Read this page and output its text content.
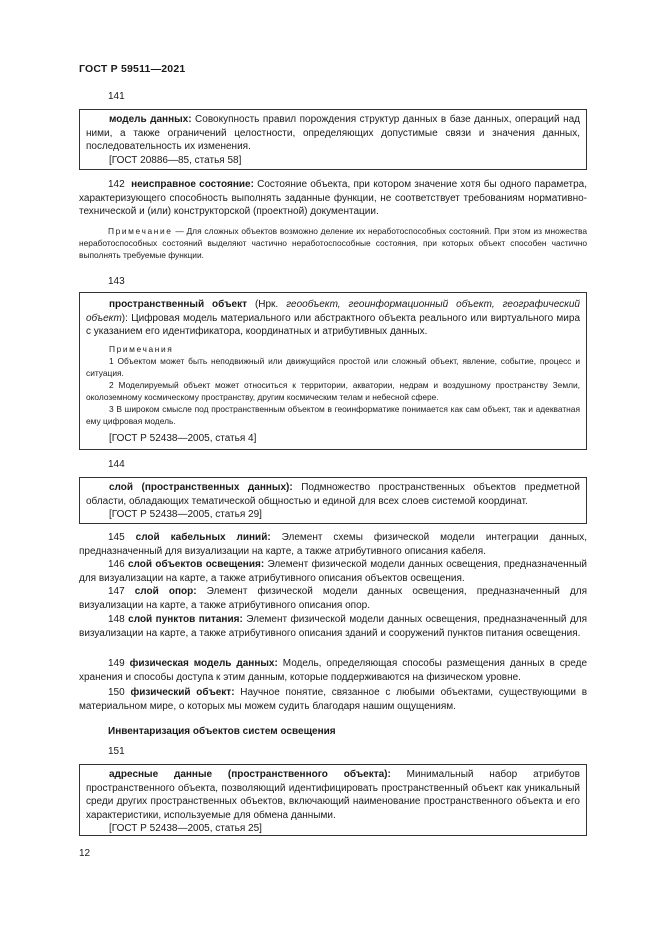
ГОСТ Р 59511—2021
141

модель данных: Совокупность правил порождения структур данных в базе данных, операций над ними, а также ограничений целостности, определяющих допустимые связи и значения данных, последовательность их изменения.

[ГОСТ 20886—85, статья 58]

142 неисправное состояние: Состояние объекта, при котором значение хотя бы одного параметра, характеризующего способность выполнять заданные функции, не соответствует требованиям нормативно-технической и (или) конструкторской (проектной) документации.

Примечание — Для сложных объектов возможно деление их неработоспособных состояний. При этом из множества неработоспособных состояний выделяют частично неработоспособные состояния, при которых объект способен частично выполнять требуемые функции.

143

пространственный объект (Нрк. геообъект, геоинформационный объект, географический объект): Цифровая модель материального или абстрактного объекта реального или виртуального мира с указанием его идентификатора, координатных и атрибутивных данных.

Примечания

1 Объектом может быть неподвижный или движущийся простой или сложный объект, явление, событие, процесс и ситуация.

2 Моделируемый объект может относиться к территории, акватории, недрам и воздушному пространству Земли, околоземному космическому пространству, другим космическим телам и небесной сфере.

3 В широком смысле под пространственным объектом в геоинформатике понимается как сам объект, так и адекватная ему цифровая модель.

[ГОСТ Р 52438—2005, статья 4]

144

слой (пространственных данных): Подмножество пространственных объектов предметной области, обладающих тематической общностью и единой для всех слоев системой координат.

[ГОСТ Р 52438—2005, статья 29]

145 слой кабельных линий: Элемент схемы физической модели интеграции данных, предназначенный для визуализации на карте, а также атрибутивного описания кабеля.

146 слой объектов освещения: Элемент физической модели данных освещения, предназначенный для визуализации на карте, а также атрибутивного описания объектов освещения.

147 слой опор: Элемент физической модели данных освещения, предназначенный для визуализации на карте, а также атрибутивного описания опор.

148 слой пунктов питания: Элемент физической модели данных освещения, предназначенный для визуализации на карте, а также атрибутивного описания зданий и сооружений пунктов питания освещения.

149 физическая модель данных: Модель, определяющая способы размещения данных в среде хранения и способы доступа к этим данным, которые поддерживаются на физическом уровне.

150 физический объект: Научное понятие, связанное с любыми объектами, существующими в материальном мире, о которых мы можем судить благодаря нашим ощущениям.

Инвентаризация объектов систем освещения
151

адресные данные (пространственного объекта): Минимальный набор атрибутов пространственного объекта, позволяющий идентифицировать пространственный объект как уникальный среди других пространственных объектов, включающий наименование пространственного объекта и его характеристики, используемые для обмена данными.

[ГОСТ Р 52438—2005, статья 25]

12
